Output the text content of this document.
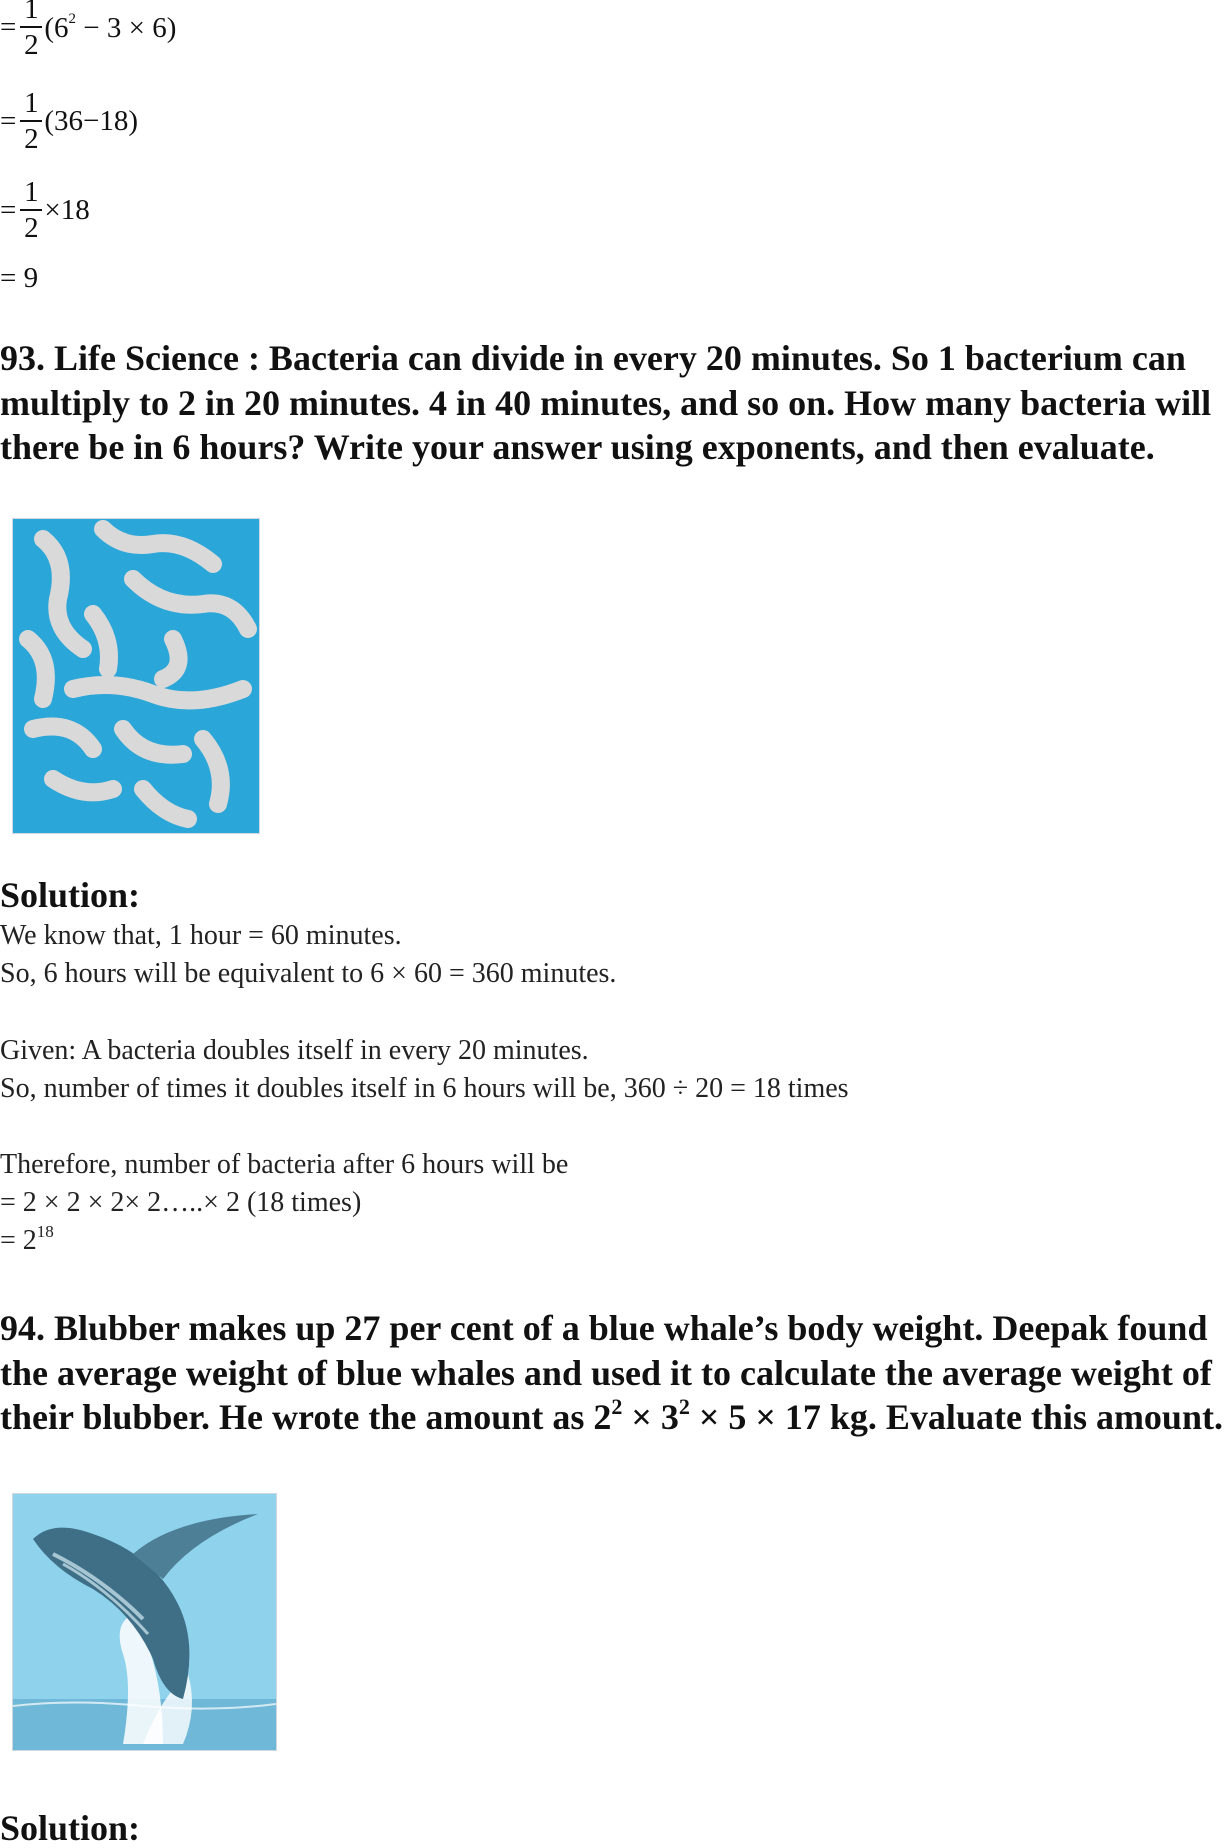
= $\frac{1}{2} (6^2 - 3 \times 6)$
= $\frac{1}{2} (36-18)$
= $\frac{1}{2} \times 18$
= 9

93. Life Science : Bacteria can divide in every 20 minutes. So 1 bacterium can multiply to 2 in 20 minutes. 4 in 40 minutes, and so on. How many bacteria will there be in 6 hours? Write your answer using exponents, and then evaluate.

Solution:

We know that, 1 hour = 60 minutes.

So, 6 hours will be equivalent to 6 × 60 = 360 minutes.

Given: A bacteria doubles itself in every 20 minutes.

So, number of times it doubles itself in 6 hours will be, 360 ÷ 20 = 18 times

Therefore, number of bacteria after 6 hours will be

= 2 × 2 × 2× 2…..× 2 (18 times)

= $2^{18}$

94. Blubber makes up 27 per cent of a blue whale’s body weight. Deepak found the average weight of blue whales and used it to calculate the average weight of their blubber. He wrote the amount as $2^2 \times 3^2 \times 5 \times 17$ kg. Evaluate this amount.

Solution:
